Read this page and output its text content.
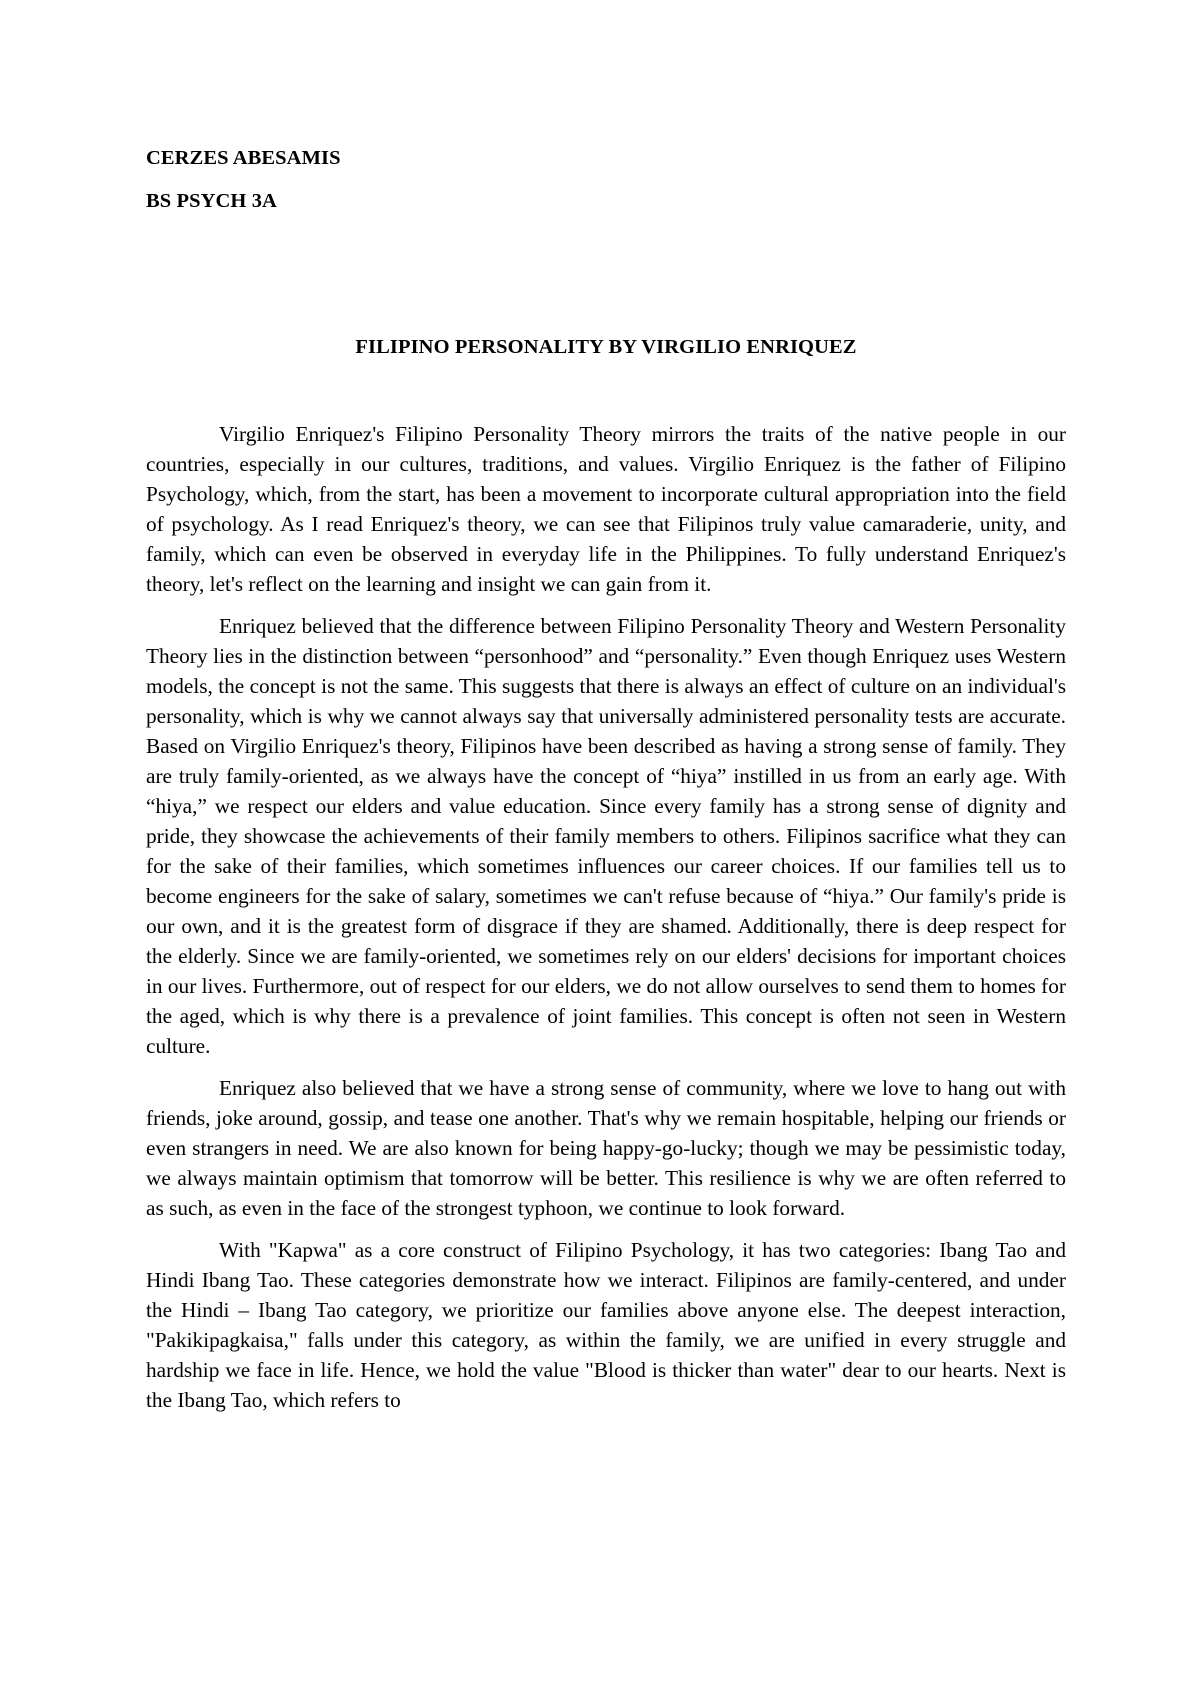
CERZES ABESAMIS

BS PSYCH 3A

FILIPINO PERSONALITY BY VIRGILIO ENRIQUEZ

Virgilio Enriquez's Filipino Personality Theory mirrors the traits of the native people in our countries, especially in our cultures, traditions, and values. Virgilio Enriquez is the father of Filipino Psychology, which, from the start, has been a movement to incorporate cultural appropriation into the field of psychology. As I read Enriquez's theory, we can see that Filipinos truly value camaraderie, unity, and family, which can even be observed in everyday life in the Philippines. To fully understand Enriquez's theory, let's reflect on the learning and insight we can gain from it.

Enriquez believed that the difference between Filipino Personality Theory and Western Personality Theory lies in the distinction between “personhood” and “personality.” Even though Enriquez uses Western models, the concept is not the same. This suggests that there is always an effect of culture on an individual's personality, which is why we cannot always say that universally administered personality tests are accurate. Based on Virgilio Enriquez's theory, Filipinos have been described as having a strong sense of family. They are truly family-oriented, as we always have the concept of “hiya” instilled in us from an early age. With “hiya,” we respect our elders and value education. Since every family has a strong sense of dignity and pride, they showcase the achievements of their family members to others. Filipinos sacrifice what they can for the sake of their families, which sometimes influences our career choices. If our families tell us to become engineers for the sake of salary, sometimes we can't refuse because of “hiya.” Our family's pride is our own, and it is the greatest form of disgrace if they are shamed. Additionally, there is deep respect for the elderly. Since we are family-oriented, we sometimes rely on our elders' decisions for important choices in our lives. Furthermore, out of respect for our elders, we do not allow ourselves to send them to homes for the aged, which is why there is a prevalence of joint families. This concept is often not seen in Western culture.

Enriquez also believed that we have a strong sense of community, where we love to hang out with friends, joke around, gossip, and tease one another. That's why we remain hospitable, helping our friends or even strangers in need. We are also known for being happy-go-lucky; though we may be pessimistic today, we always maintain optimism that tomorrow will be better. This resilience is why we are often referred to as such, as even in the face of the strongest typhoon, we continue to look forward.

With "Kapwa" as a core construct of Filipino Psychology, it has two categories: Ibang Tao and Hindi Ibang Tao. These categories demonstrate how we interact. Filipinos are family-centered, and under the Hindi – Ibang Tao category, we prioritize our families above anyone else. The deepest interaction, "Pakikipagkaisa," falls under this category, as within the family, we are unified in every struggle and hardship we face in life. Hence, we hold the value "Blood is thicker than water" dear to our hearts. Next is the Ibang Tao, which refers to
